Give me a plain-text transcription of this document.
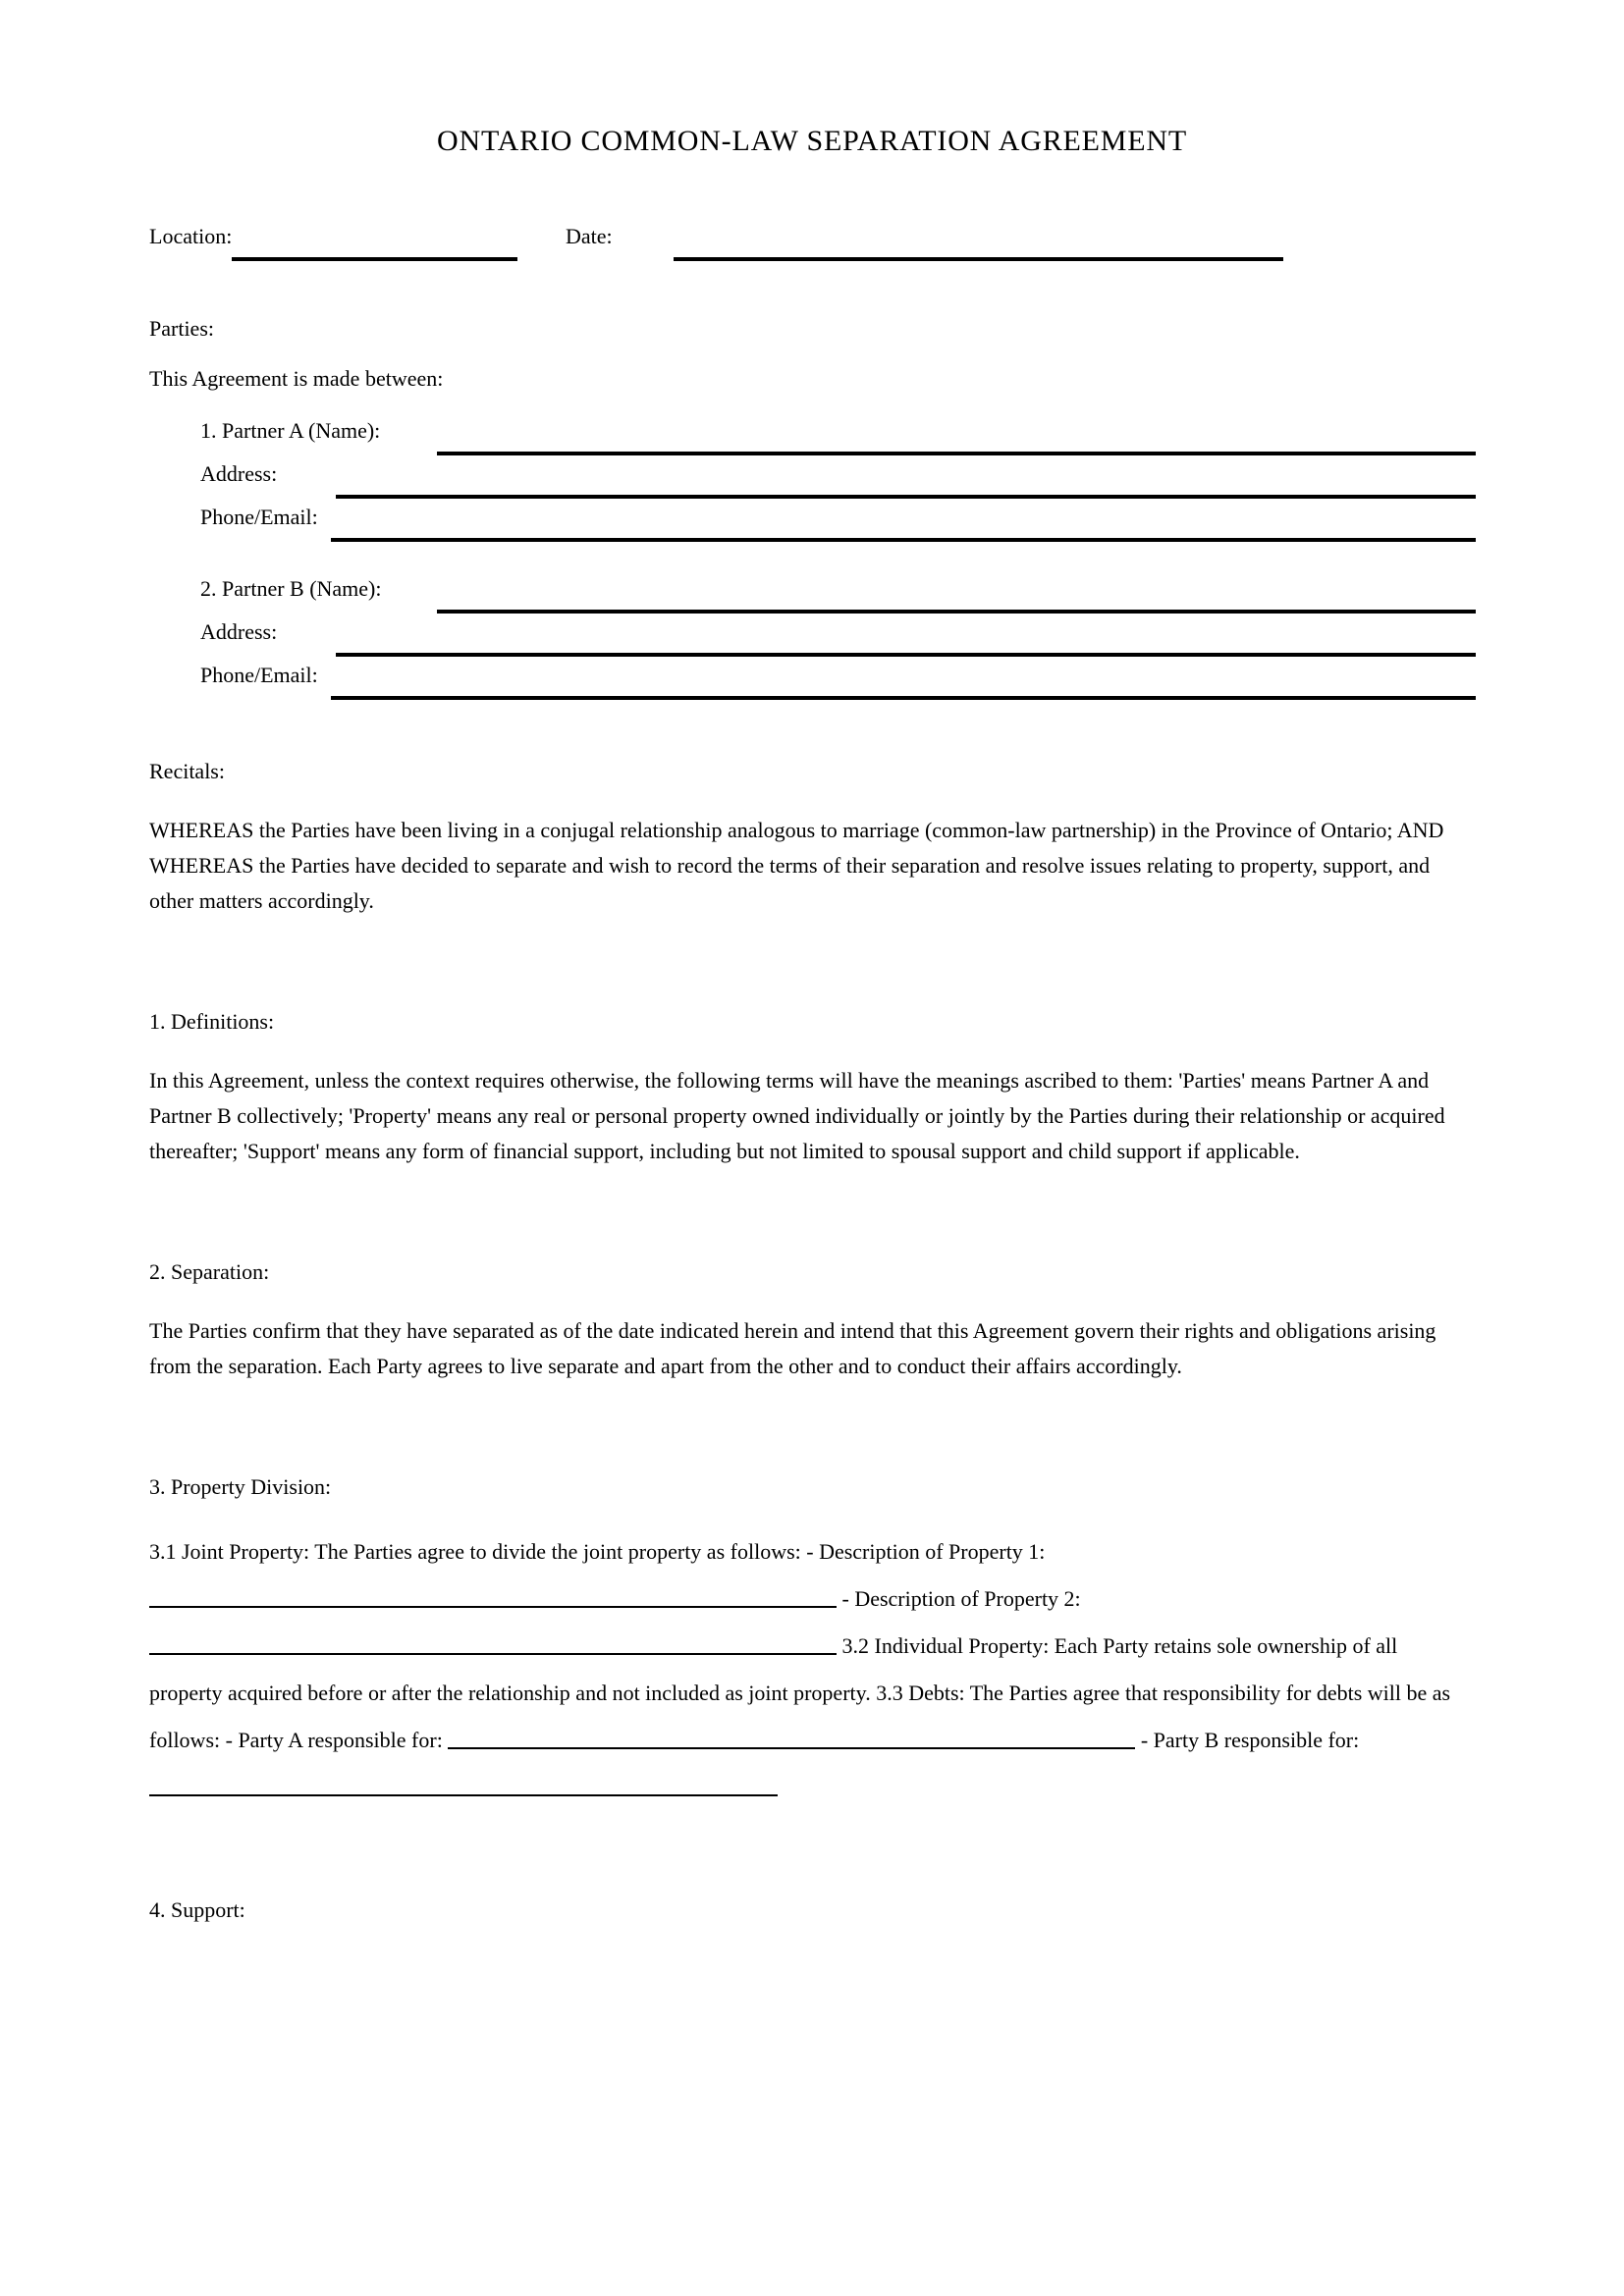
ONTARIO COMMON-LAW SEPARATION AGREEMENT
Location:	Date:
Parties:
This Agreement is made between:
1. Partner A (Name):
Address:
Phone/Email:
2. Partner B (Name):
Address:
Phone/Email:
Recitals:
WHEREAS the Parties have been living in a conjugal relationship analogous to marriage (common-law partnership) in the Province of Ontario; AND WHEREAS the Parties have decided to separate and wish to record the terms of their separation and resolve issues relating to property, support, and other matters accordingly.
1. Definitions:
In this Agreement, unless the context requires otherwise, the following terms will have the meanings ascribed to them: 'Parties' means Partner A and Partner B collectively; 'Property' means any real or personal property owned individually or jointly by the Parties during their relationship or acquired thereafter; 'Support' means any form of financial support, including but not limited to spousal support and child support if applicable.
2. Separation:
The Parties confirm that they have separated as of the date indicated herein and intend that this Agreement govern their rights and obligations arising from the separation. Each Party agrees to live separate and apart from the other and to conduct their affairs accordingly.
3. Property Division:
3.1 Joint Property: The Parties agree to divide the joint property as follows: - Description of Property 1:  - Description of Property 2:  3.2 Individual Property: Each Party retains sole ownership of all property acquired before or after the relationship and not included as joint property. 3.3 Debts: The Parties agree that responsibility for debts will be as follows: - Party A responsible for:	- Party B responsible for:
4. Support:
